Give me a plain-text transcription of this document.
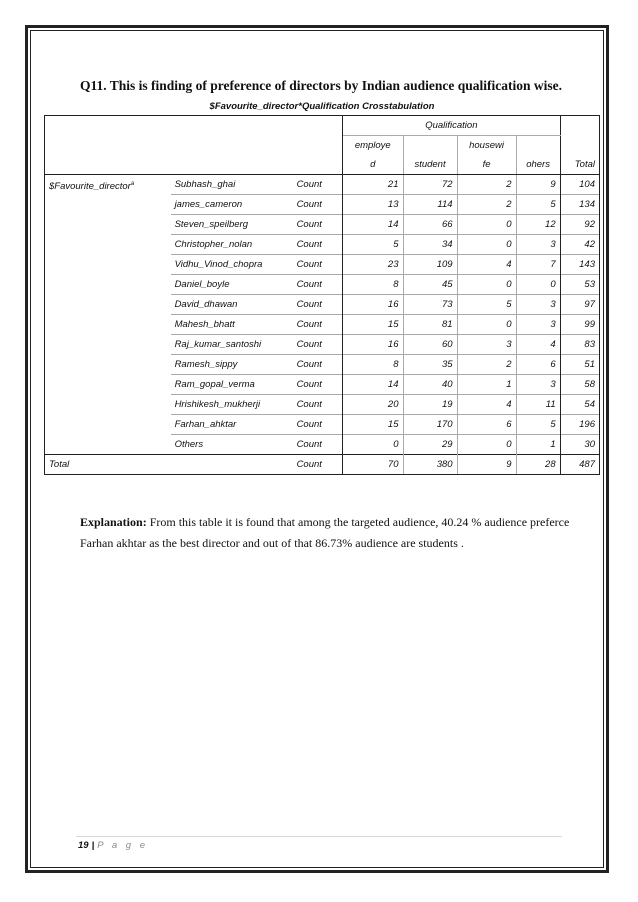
Q11. This is finding of preference of directors by Indian audience qualification wise.
$Favourite_director*Qualification Crosstabulation
			Qualification				
			employe		housewi		
			d	student	fe	ohers	Total
$Favourite_director$^a$	Subhash_ghai	Count	21	72	2	9	104
	james_cameron	Count	13	114	2	5	134
	Steven_speilberg	Count	14	66	0	12	92
	Christopher_nolan	Count	5	34	0	3	42
	Vidhu_Vinod_chopra	Count	23	109	4	7	143
	Daniel_boyle	Count	8	45	0	0	53
	David_dhawan	Count	16	73	5	3	97
	Mahesh_bhatt	Count	15	81	0	3	99
	Raj_kumar_santoshi	Count	16	60	3	4	83
	Ramesh_sippy	Count	8	35	2	6	51
	Ram_gopal_verma	Count	14	40	1	3	58
	Hrishikesh_mukherji	Count	20	19	4	11	54
	Farhan_ahktar	Count	15	170	6	5	196
	Others	Count	0	29	0	1	30
Total		Count	70	380	9	28	487
Explanation: From this table it is found that among the targeted audience, 40.24 % audience preferce Farhan akhtar as the best director and out of that 86.73% audience are students .
19 | P a g e
